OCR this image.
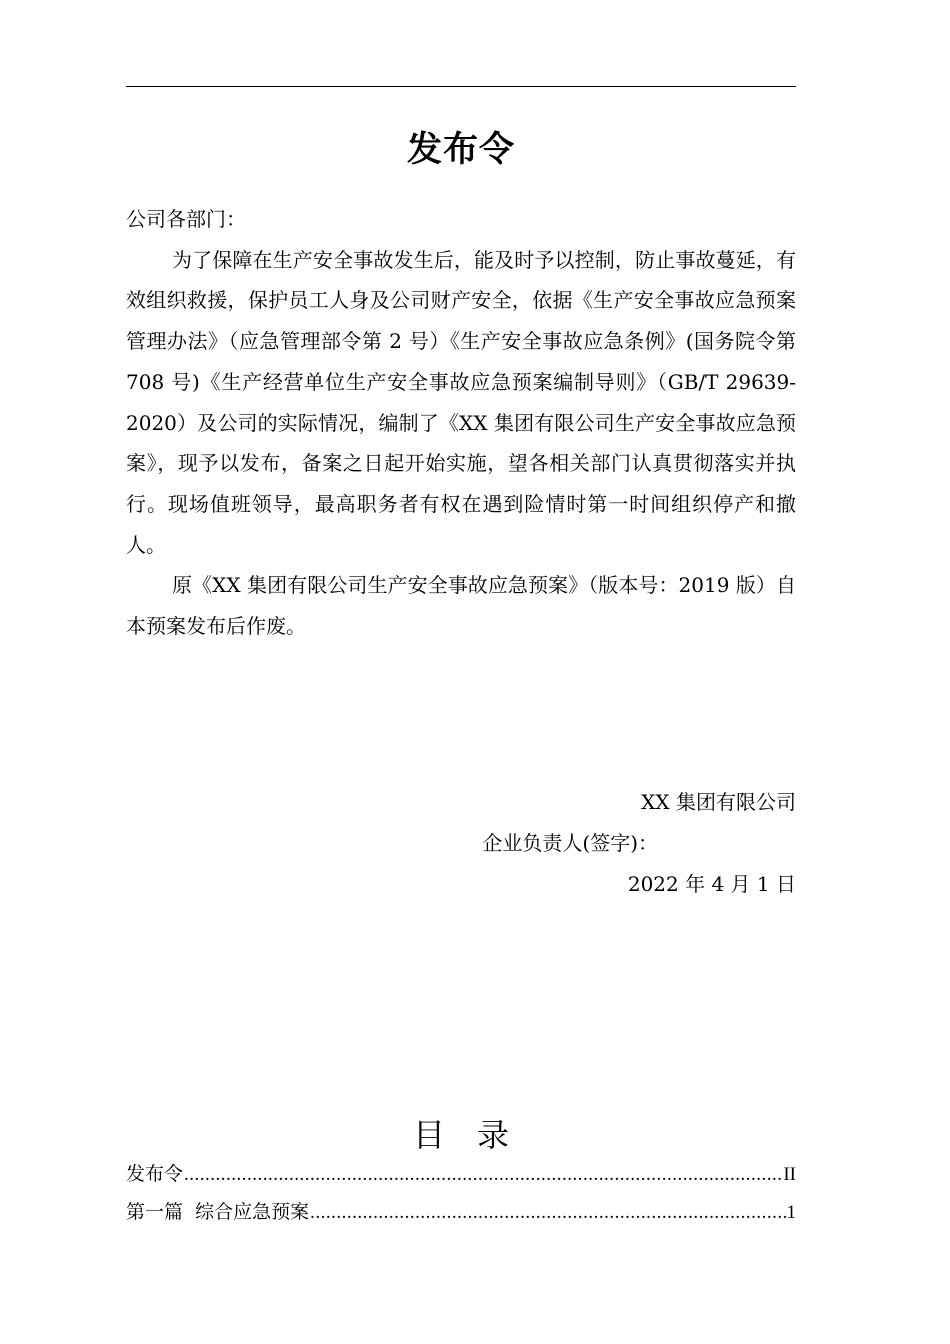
发布令

公司各部门：

为了保障在生产安全事故发生后，能及时予以控制，防止事故蔓延，有效组织救援，保护员工人身及公司财产安全，依据《生产安全事故应急预案管理办法》（应急管理部令第 2 号）《生产安全事故应急条例》(国务院令第 708 号)《生产经营单位生产安全事故应急预案编制导则》（GB/T 29639-2020）及公司的实际情况，编制了《XX 集团有限公司生产安全事故应急预案》，现予以发布，备案之日起开始实施，望各相关部门认真贯彻落实并执行。现场值班领导，最高职务者有权在遇到险情时第一时间组织停产和撤人。

原《XX 集团有限公司生产安全事故应急预案》（版本号：2019 版）自本预案发布后作废。

XX 集团有限公司
企业负责人(签字)：
2022 年 4 月 1 日
目　录
发布令 .....	II
第一篇  综合应急预案 .....	1
